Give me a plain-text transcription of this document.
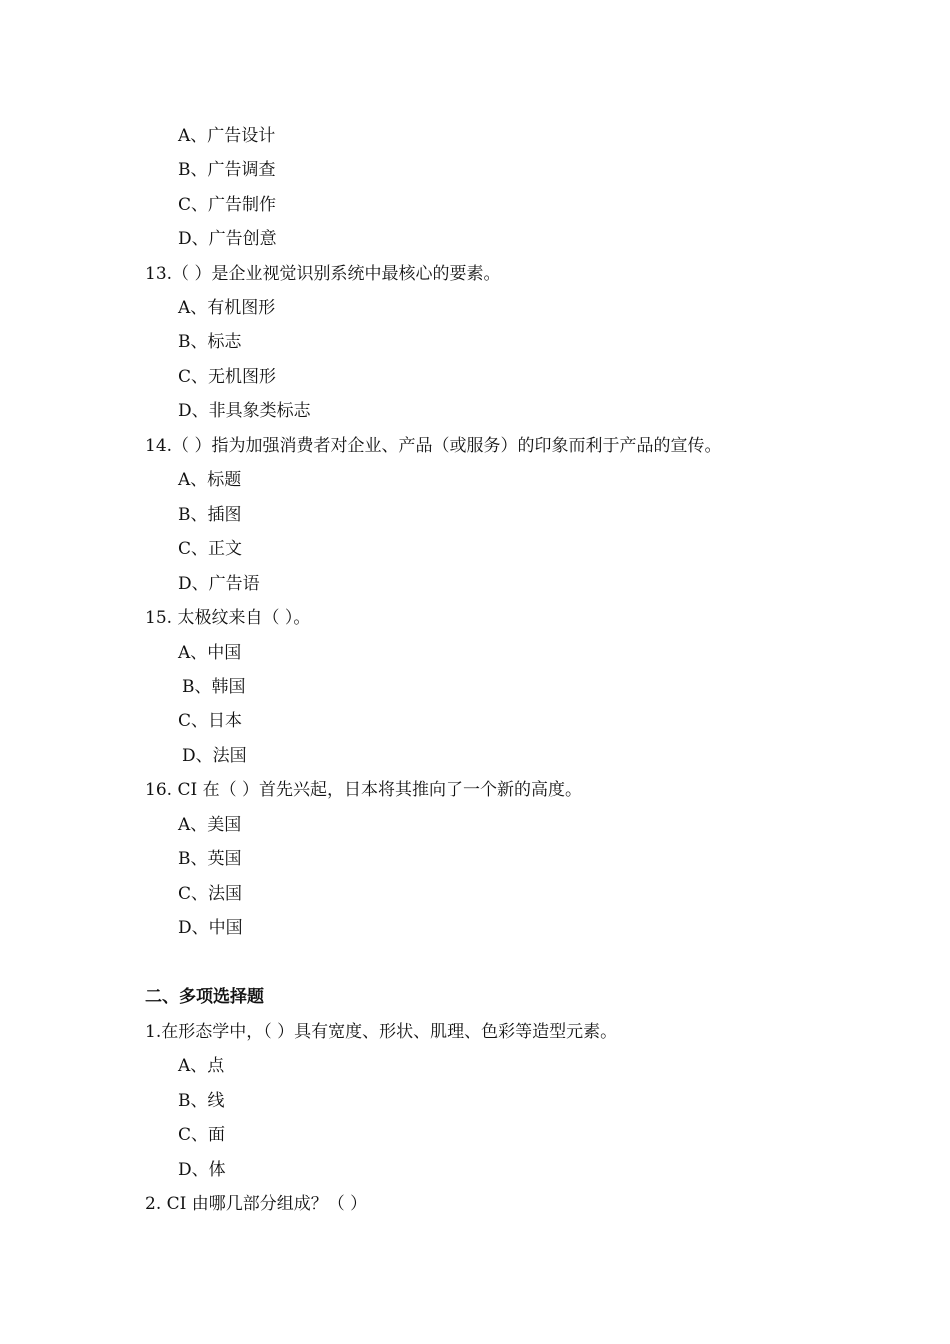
A、广告设计
B、广告调查
C、广告制作
D、广告创意
13.（ ）是企业视觉识别系统中最核心的要素。
A、有机图形
B、标志
C、无机图形
D、非具象类标志
14.（ ）指为加强消费者对企业、产品（或服务）的印象而利于产品的宣传。
A、标题
B、插图
C、正文
D、广告语
15. 太极纹来自（ ）。
A、中国
B、韩国
C、日本
D、法国
16. CI 在（ ）首先兴起，日本将其推向了一个新的高度。
A、美国
B、英国
C、法国
D、中国
二、多项选择题
1.在形态学中，（ ）具有宽度、形状、肌理、色彩等造型元素。
A、点
B、线
C、面
D、体
2. CI 由哪几部分组成？（ ）
